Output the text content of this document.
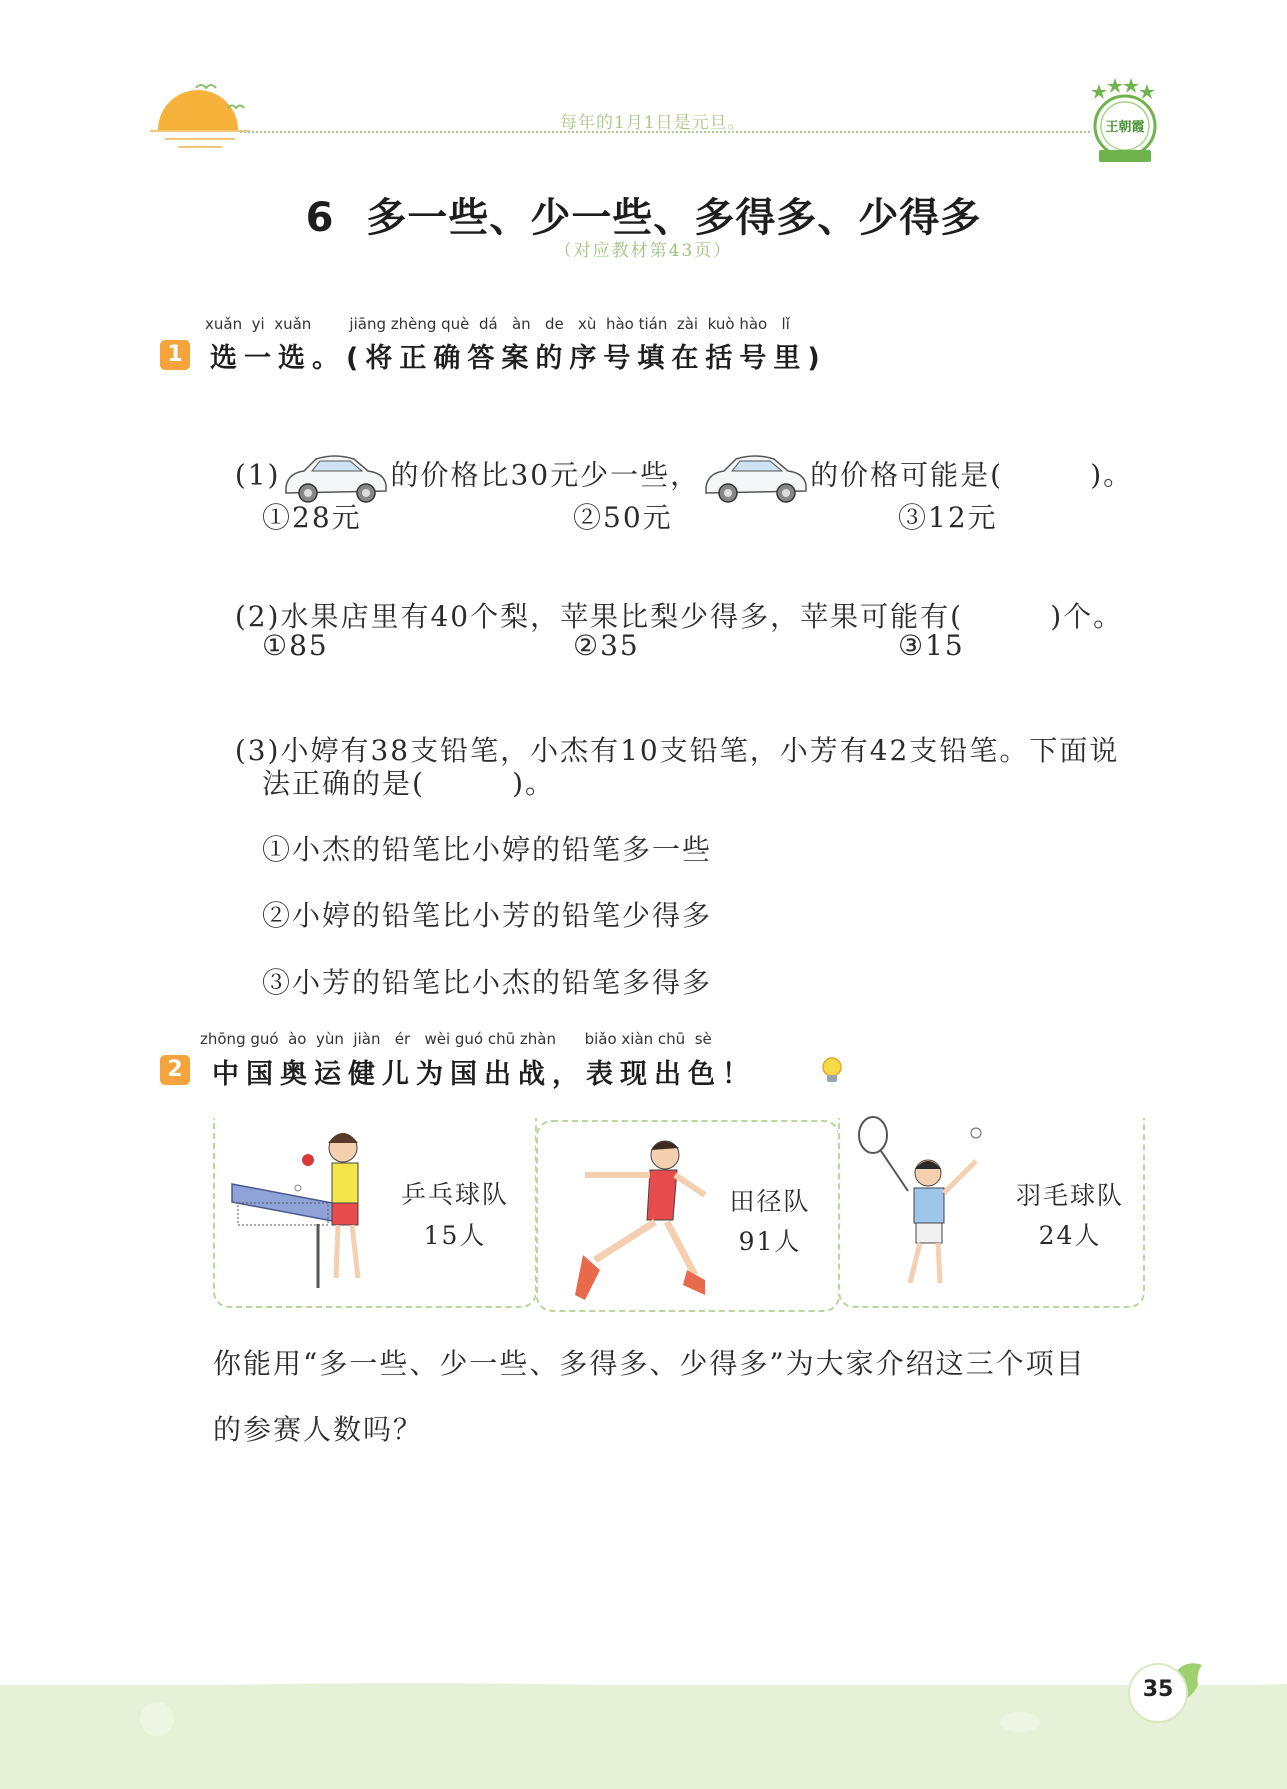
每年的1月1日是元旦。	王朝霞
6 多一些、少一些、多得多、少得多
（对应教材第43页）
xuǎn  yi  xuǎn        jiāng zhèng què  dá   àn   de   xù  hào tián  zài  kuò hào   lǐ
1 选一选。(将正确答案的序号填在括号里)

(1)	的价格比30元少一些，	的价格可能是(        )。

①28元	②50元	③12元

(2)水果店里有40个梨，苹果比梨少得多，苹果可能有(        )个。

①85	②35	③15

(3)小婷有38支铅笔，小杰有10支铅笔，小芳有42支铅笔。下面说

法正确的是(        )。
①小杰的铅笔比小婷的铅笔多一些
②小婷的铅笔比小芳的铅笔少得多
③小芳的铅笔比小杰的铅笔多得多
zhōng guó  ào  yùn  jiàn   ér   wèi guó chū zhàn      biǎo xiàn chū  sè
2 中国奥运健儿为国出战，表现出色！
乒乓球队
15人
田径队
91人
羽毛球队
24人
你能用“多一些、少一些、多得多、少得多”为大家介绍这三个项目
的参赛人数吗？
35
